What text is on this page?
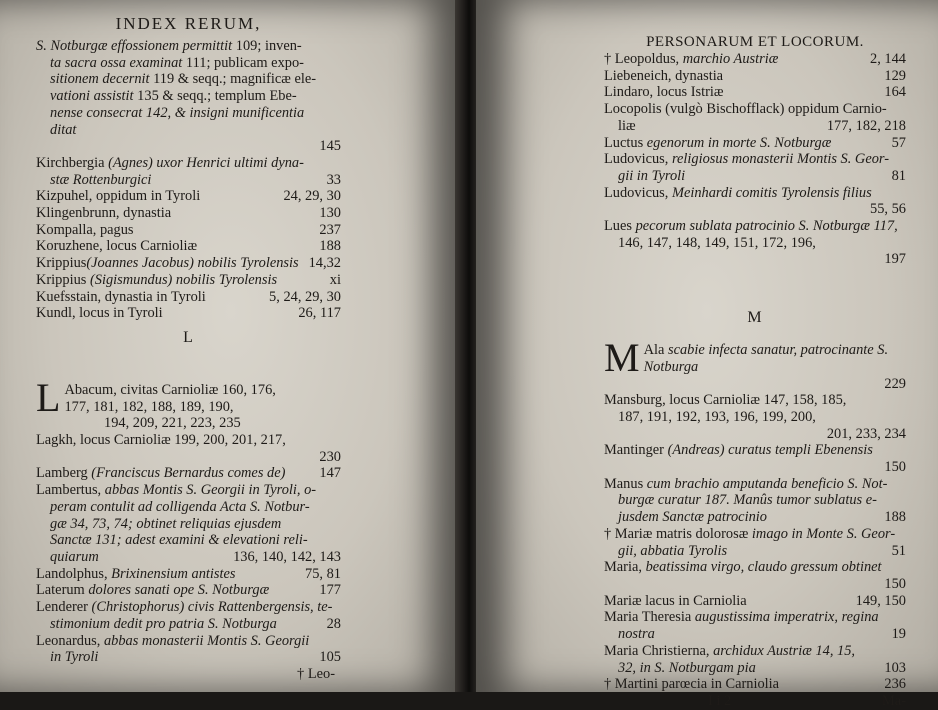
INDEX RERUM,
S. Notburgæ effossionem permittit 109; inven-
ta sacra ossa examinat 111; publicam expo-
sitionem decernit 119 & seqq.; magnificæ ele-
vationi assistit 135 & seqq.; templum Ebe-
nense consecrat 142, & insigni munificentia
ditat
145
Kirchbergia (Agnes) uxor Henrici ultimi dyna-
stæ Rottenburgici	33
Kizpuhel, oppidum in Tyroli	24, 29, 30
Klingenbrunn, dynastia	130
Kompalla, pagus	237
Koruzhene, locus Carnioliæ	188
Krippius(Joannes Jacobus) nobilis Tyrolensis 14,32
Krippius (Sigismundus) nobilis Tyrolensis	xi
Kuefsstain, dynastia in Tyroli	5, 24, 29, 30
Kundl, locus in Tyroli	26, 117
L
L Abacum, civitas Carnioliæ 160, 176,
177, 181, 182, 188, 189, 190,
194, 209, 221, 223, 235
Lagkh, locus Carnioliæ 199, 200, 201, 217,
230
Lamberg (Franciscus Bernardus comes de) 147
Lambertus, abbas Montis S. Georgii in Tyroli, o-
peram contulit ad colligenda Acta S. Notbur-
gæ 34, 73, 74; obtinet reliquias ejusdem
Sanctæ 131; adest examini & elevationi reli-
quiarum	136, 140, 142, 143
Landolphus, Brixinensium antistes	75, 81
Laterum dolores sanati ope S. Notburgæ	177
Lenderer (Christophorus) civis Rattenbergensis, te-
stimonium dedit pro patria S. Notburga	28
Leonardus, abbas monasterii Montis S. Georgii
in Tyroli	105
† Leo-
PERSONARUM ET LOCORUM.
† Leopoldus, marchio Austriæ	2, 144
Liebeneich, dynastia	129
Lindaro, locus Istriæ	164
Locopolis (vulgò Bischofflack) oppidum Carnio-
liæ	177, 182, 218
Luctus egenorum in morte S. Notburgæ	57
Ludovicus, religiosus monasterii Montis S. Geor-
gii in Tyroli	81
Ludovicus, Meinhardi comitis Tyrolensis filius
55, 56
Lues pecorum sublata patrocinio S. Notburgæ 117,
146, 147, 148, 149, 151, 172, 196,
197
M
M Ala scabie infecta sanatur, patrocinante S.
Notburga
229
Mansburg, locus Carnioliæ 147, 158, 185,
187, 191, 192, 193, 196, 199, 200,
201, 233, 234
Mantinger (Andreas) curatus templi Ebenensis
150
Manus cum brachio amputanda beneficio S. Not-
burgæ curatur 187. Manûs tumor sublatus e-
jusdem Sanctæ patrocinio	188
† Mariæ matris dolorosæ imago in Monte S. Geor-
gii, abbatia Tyrolis	51
Maria, beatissima virgo, claudo gressum obtinet
150
Mariæ lacus in Carniolia	149, 150
Maria Theresia augustissima imperatrix, regina
nostra	19
Maria Christierna, archidux Austriæ 14, 15,
32, in S. Notburgam pia	103
† Martini parœcia in Carniolia	236
I i 2	Ma-
